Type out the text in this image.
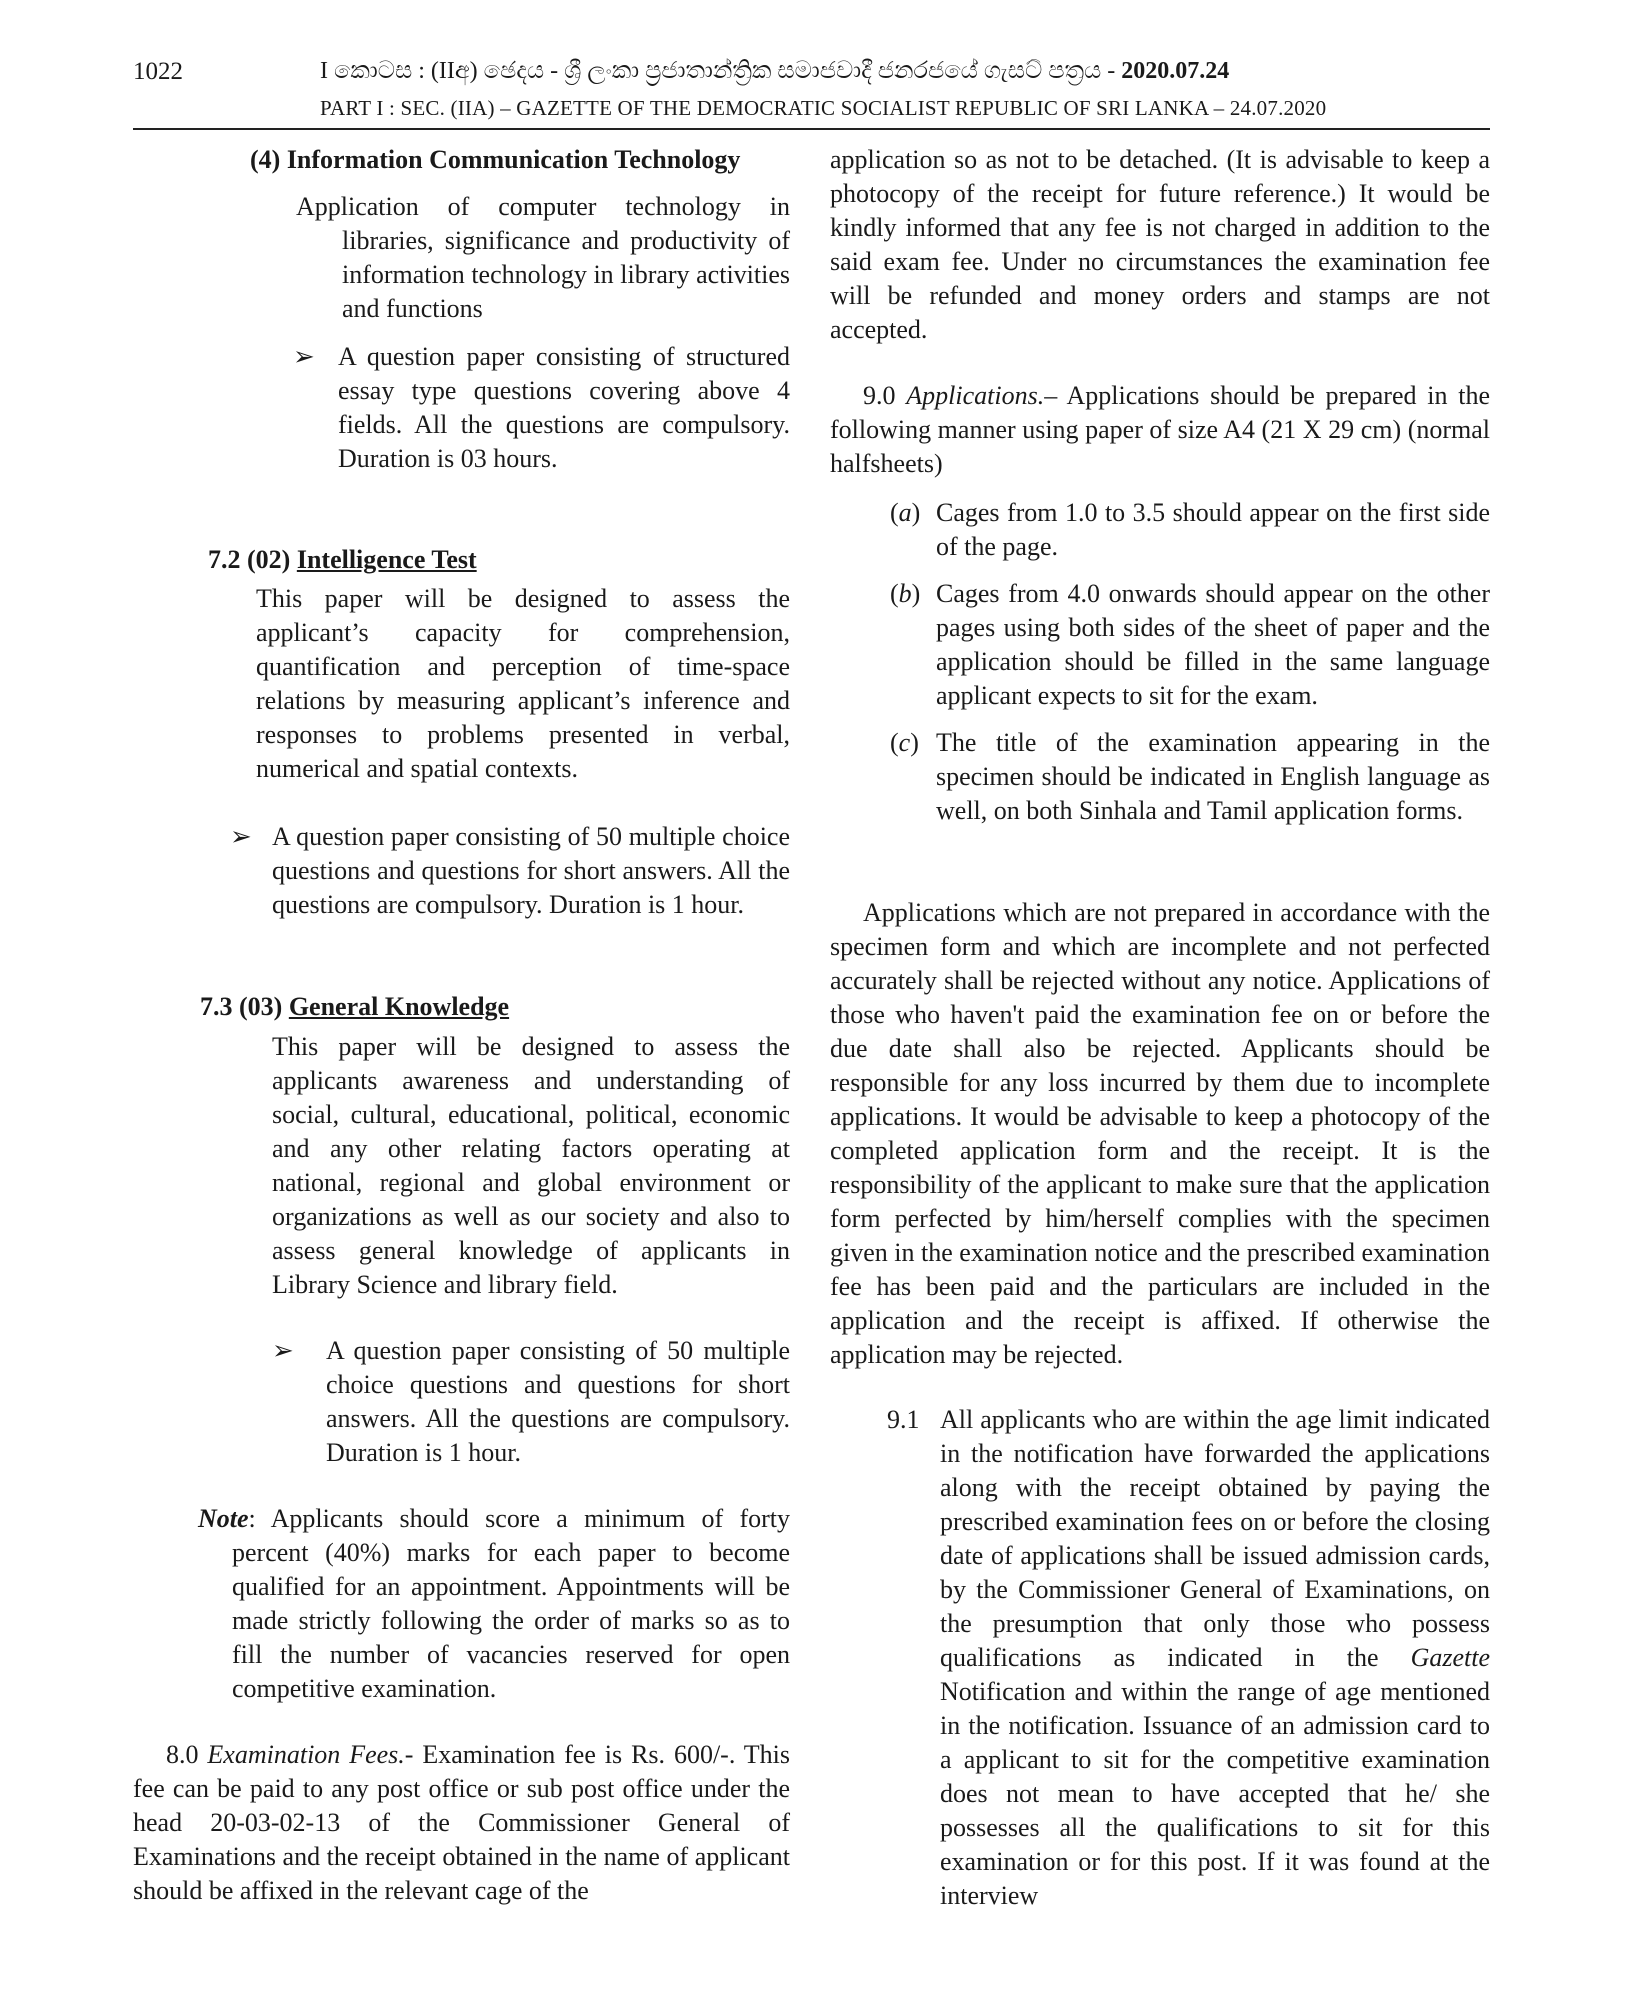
1022	I කොටස : (IIඅ) ඡෙදය - ශ්‍රී ලංකා ප්‍රජාතාන්ත්‍රික සමාජවාදී ජනරජයේ ගැසට් පත්‍රය - 2020.07.24
PART I : SEC. (IIA) – GAZETTE OF THE DEMOCRATIC SOCIALIST REPUBLIC OF SRI LANKA – 24.07.2020
(4) Information Communication Technology
Application of computer technology in libraries, significance and productivity of information technology in library activities and functions
➢ A question paper consisting of structured essay type questions covering above 4 fields. All the questions are compulsory. Duration is 03 hours.
7.2 (02) Intelligence Test
This paper will be designed to assess the applicant’s capacity for comprehension, quantification and perception of time-space relations by measuring applicant’s inference and responses to problems presented in verbal, numerical and spatial contexts.
➢ A question paper consisting of 50 multiple choice questions and questions for short answers. All the questions are compulsory. Duration is 1 hour.
7.3 (03) General Knowledge
This paper will be designed to assess the applicants awareness and understanding of social, cultural, educational, political, economic and any other relating factors operating at national, regional and global environment or organizations as well as our society and also to assess general knowledge of applicants in Library Science and library field.
➢ A question paper consisting of 50 multiple choice questions and questions for short answers. All the questions are compulsory. Duration is 1 hour.
Note: Applicants should score a minimum of forty percent (40%) marks for each paper to become qualified for an appointment. Appointments will be made strictly following the order of marks so as to fill the number of vacancies reserved for open competitive examination.
8.0 Examination Fees.- Examination fee is Rs. 600/-. This fee can be paid to any post office or sub post office under the head 20-03-02-13 of the Commissioner General of Examinations and the receipt obtained in the name of applicant should be affixed in the relevant cage of the
application so as not to be detached. (It is advisable to keep a photocopy of the receipt for future reference.) It would be kindly informed that any fee is not charged in addition to the said exam fee. Under no circumstances the examination fee will be refunded and money orders and stamps are not accepted.
9.0 Applications.– Applications should be prepared in the following manner using paper of size A4 (21 X 29 cm) (normal halfsheets)
(a) Cages from 1.0 to 3.5 should appear on the first side of the page.
(b) Cages from 4.0 onwards should appear on the other pages using both sides of the sheet of paper and the application should be filled in the same language applicant expects to sit for the exam.
(c) The title of the examination appearing in the specimen should be indicated in English language as well, on both Sinhala and Tamil application forms.
Applications which are not prepared in accordance with the specimen form and which are incomplete and not perfected accurately shall be rejected without any notice. Applications of those who haven't paid the examination fee on or before the due date shall also be rejected. Applicants should be responsible for any loss incurred by them due to incomplete applications. It would be advisable to keep a photocopy of the completed application form and the receipt. It is the responsibility of the applicant to make sure that the application form perfected by him/herself complies with the specimen given in the examination notice and the prescribed examination fee has been paid and the particulars are included in the application and the receipt is affixed. If otherwise the application may be rejected.
9.1 All applicants who are within the age limit indicated in the notification have forwarded the applications along with the receipt obtained by paying the prescribed examination fees on or before the closing date of applications shall be issued admission cards, by the Commissioner General of Examinations, on the presumption that only those who possess qualifications as indicated in the Gazette Notification and within the range of age mentioned in the notification. Issuance of an admission card to a applicant to sit for the competitive examination does not mean to have accepted that he/ she possesses all the qualifications to sit for this examination or for this post. If it was found at the interview
